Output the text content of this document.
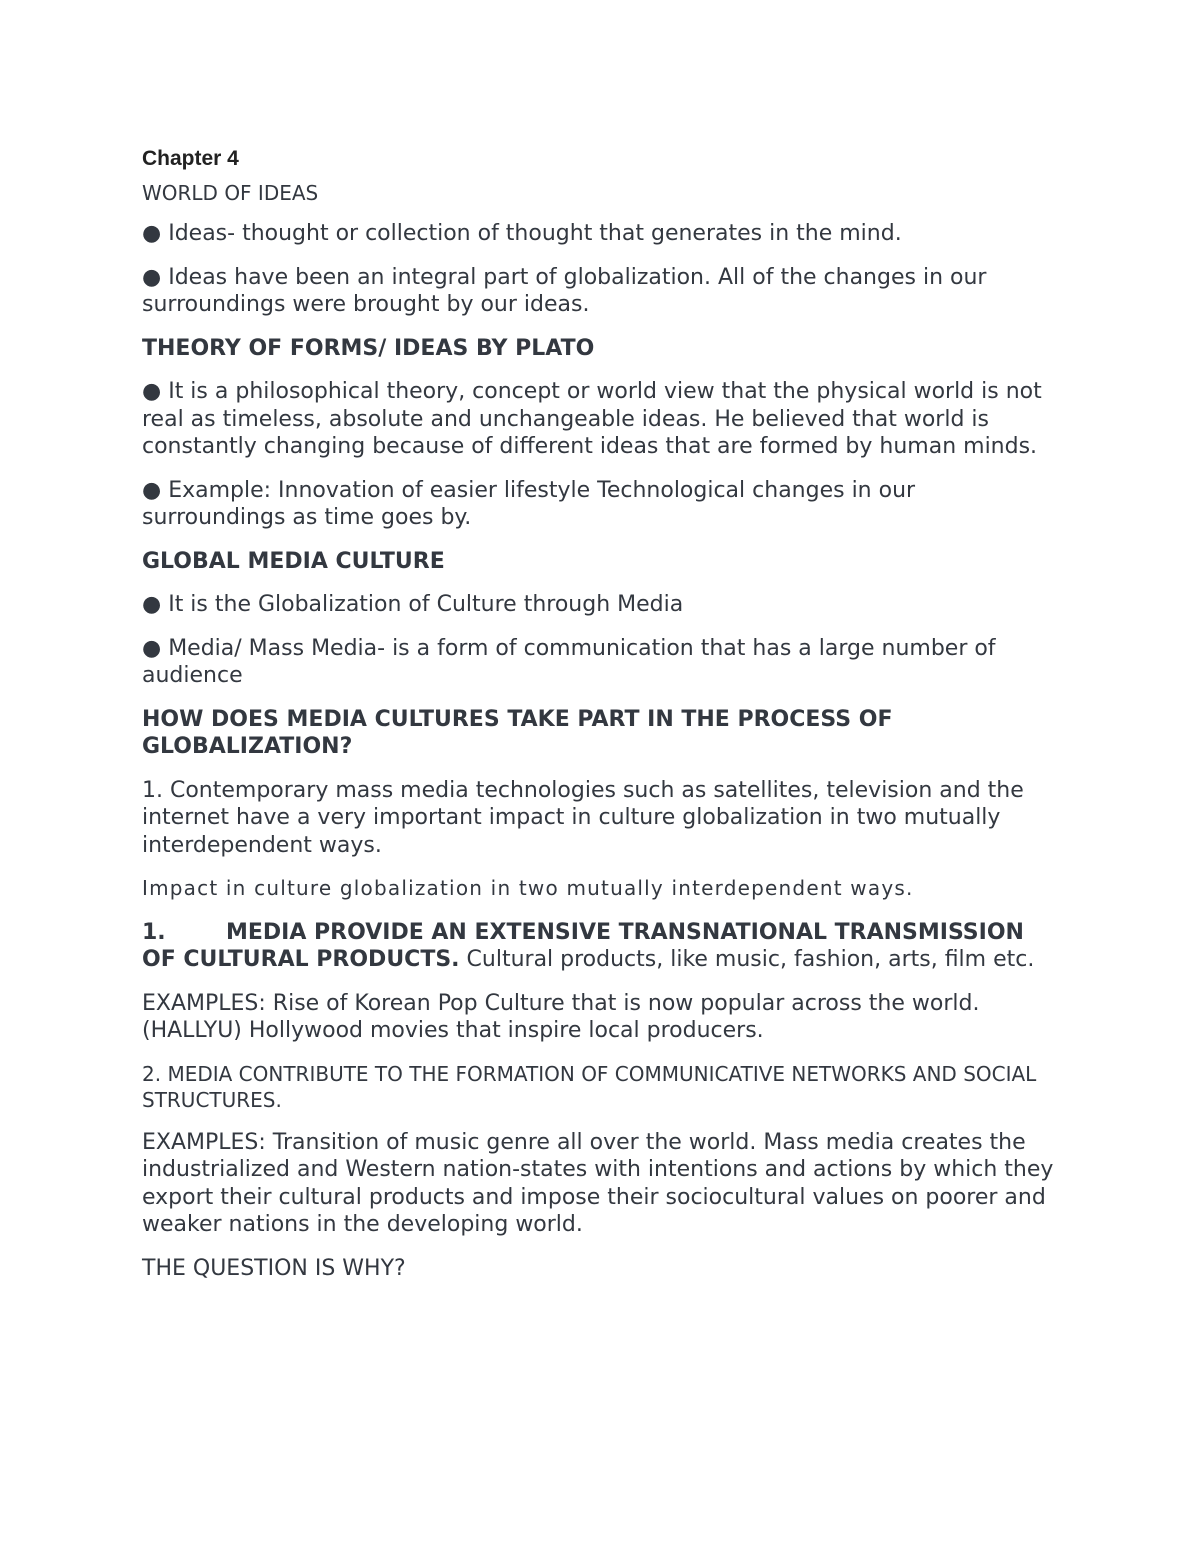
Chapter 4

WORLD OF IDEAS

● Ideas- thought or collection of thought that generates in the mind.

● Ideas have been an integral part of globalization. All of the changes in our surroundings were brought by our ideas.

THEORY OF FORMS/ IDEAS BY PLATO

● It is a philosophical theory, concept or world view that the physical world is not real as timeless, absolute and unchangeable ideas. He believed that world is constantly changing because of different ideas that are formed by human minds.

● Example: Innovation of easier lifestyle Technological changes in our surroundings as time goes by.

GLOBAL MEDIA CULTURE

● It is the Globalization of Culture through Media

● Media/ Mass Media- is a form of communication that has a large number of audience

HOW DOES MEDIA CULTURES TAKE PART IN THE PROCESS OF GLOBALIZATION?

1. Contemporary mass media technologies such as satellites, television and the internet have a very important impact in culture globalization in two mutually interdependent ways.

Impact in culture globalization in two mutually interdependent ways.

1.	MEDIA PROVIDE AN EXTENSIVE TRANSNATIONAL TRANSMISSION OF CULTURAL PRODUCTS. Cultural products, like music, fashion, arts, film etc.

EXAMPLES: Rise of Korean Pop Culture that is now popular across the world. (HALLYU) Hollywood movies that inspire local producers.

2. MEDIA CONTRIBUTE TO THE FORMATION OF COMMUNICATIVE NETWORKS AND SOCIAL STRUCTURES.

EXAMPLES: Transition of music genre all over the world. Mass media creates the industrialized and Western nation-states with intentions and actions by which they export their cultural products and impose their sociocultural values on poorer and weaker nations in the developing world.

THE QUESTION IS WHY?
